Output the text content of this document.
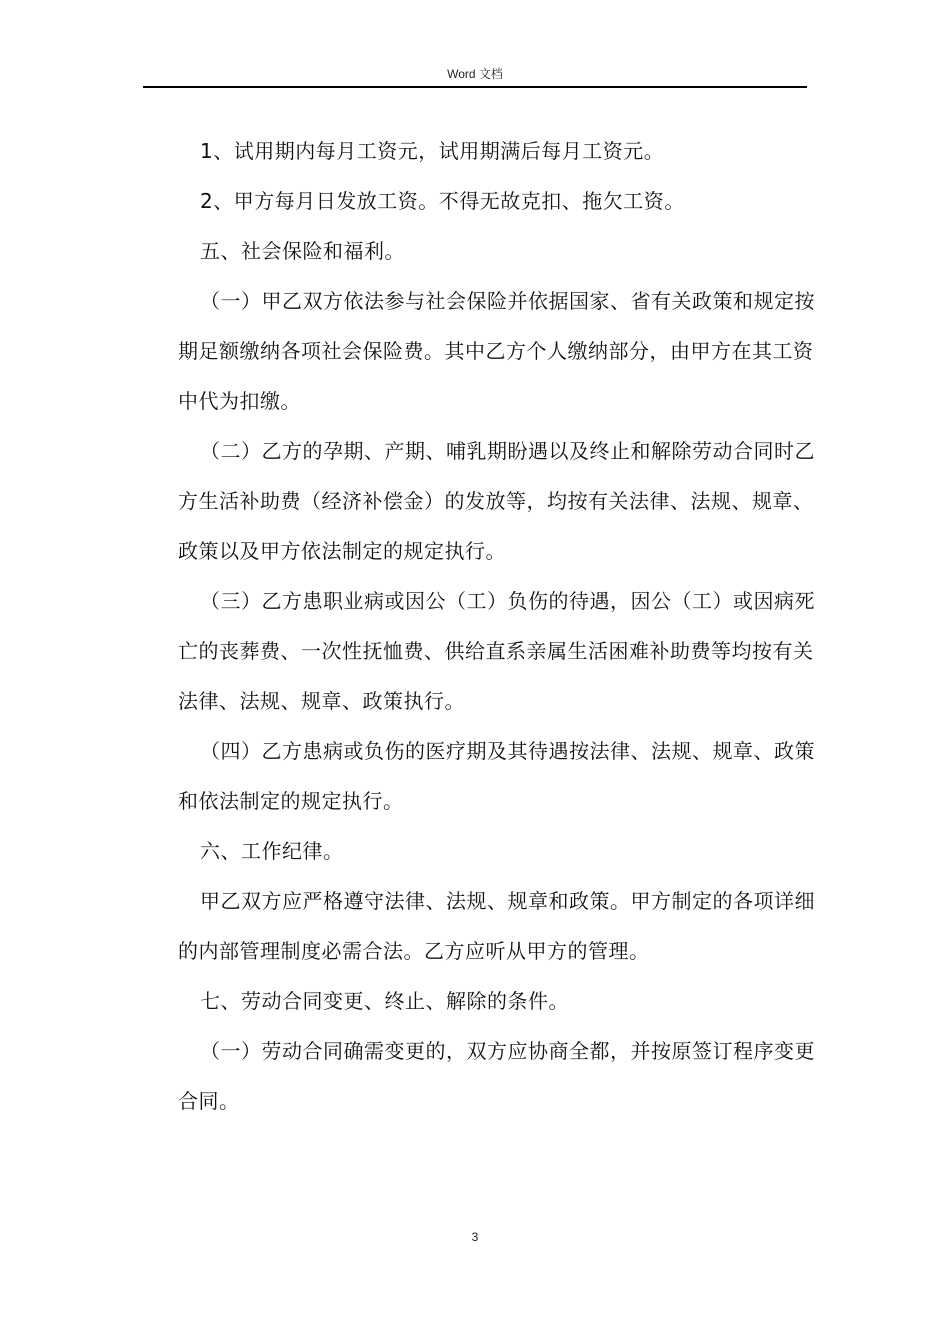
Word 文档

1、试用期内每月工资元，试用期满后每月工资元。

2、甲方每月日发放工资。不得无故克扣、拖欠工资。

五、社会保险和福利。

（一）甲乙双方依法参与社会保险并依据国家、省有关政策和规定按期足额缴纳各项社会保险费。其中乙方个人缴纳部分，由甲方在其工资中代为扣缴。

（二）乙方的孕期、产期、哺乳期盼遇以及终止和解除劳动合同时乙方生活补助费（经济补偿金）的发放等，均按有关法律、法规、规章、政策以及甲方依法制定的规定执行。

（三）乙方患职业病或因公（工）负伤的待遇，因公（工）或因病死亡的丧葬费、一次性抚恤费、供给直系亲属生活困难补助费等均按有关法律、法规、规章、政策执行。

（四）乙方患病或负伤的医疗期及其待遇按法律、法规、规章、政策和依法制定的规定执行。

六、工作纪律。

甲乙双方应严格遵守法律、法规、规章和政策。甲方制定的各项详细的内部管理制度必需合法。乙方应听从甲方的管理。

七、劳动合同变更、终止、解除的条件。

（一）劳动合同确需变更的，双方应协商全都，并按原签订程序变更合同。

3
